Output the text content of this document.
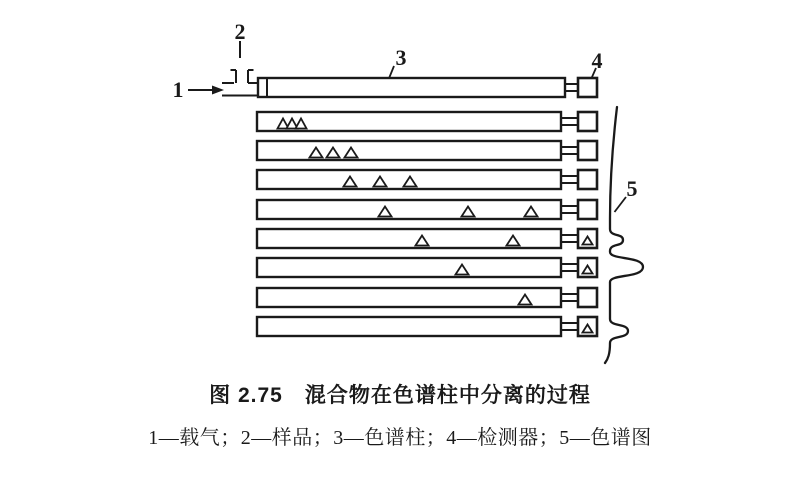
1
2
3	4
5
图 2.75　混合物在色谱柱中分离的过程
1—载气；2—样品；3—色谱柱；4—检测器；5—色谱图
